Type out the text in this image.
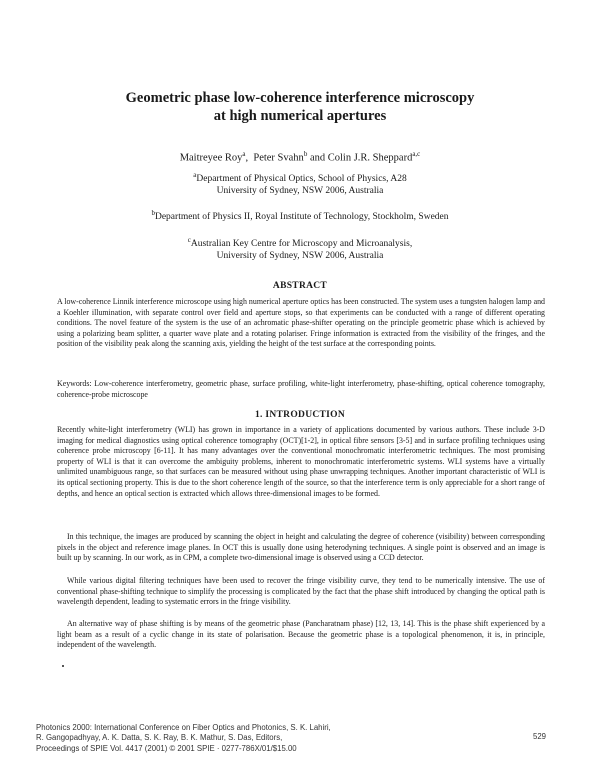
Geometric phase low-coherence interference microscopy
at high numerical apertures
Maitreyee Roy$^a$,  Peter Svahn$^b$ and Colin J.R. Sheppard$^{a,c}$
$^a$Department of Physical Optics, School of Physics, A28
University of Sydney, NSW 2006, Australia
$^b$Department of Physics II, Royal Institute of Technology, Stockholm, Sweden
$^c$Australian Key Centre for Microscopy and Microanalysis,
University of Sydney, NSW 2006, Australia
ABSTRACT
A low-coherence Linnik interference microscope using high numerical aperture optics has been constructed. The system uses a tungsten halogen lamp and a Koehler illumination, with separate control over field and aperture stops, so that experiments can be conducted with a range of different operating conditions. The novel feature of the system is the use of an achromatic phase-shifter operating on the principle geometric phase which is achieved by using a polarizing beam splitter, a quarter wave plate and a rotating polariser. Fringe information is extracted from the visibility of the fringes, and the position of the visibility peak along the scanning axis, yielding the height of the test surface at the corresponding points.
Keywords: Low-coherence interferometry, geometric phase, surface profiling, white-light interferometry, phase-shifting, optical coherence tomography, coherence-probe microscope
1. INTRODUCTION
Recently white-light interferometry (WLI) has grown in importance in a variety of applications documented by various authors. These include 3-D imaging for medical diagnostics using optical coherence tomography (OCT)[1-2], in optical fibre sensors [3-5] and in surface profiling techniques using coherence probe microscopy [6-11]. It has many advantages over the conventional monochromatic interferometric techniques. The most promising property of WLI is that it can overcome the ambiguity problems, inherent to monochromatic interferometric systems. WLI systems have a virtually unlimited unambiguous range, so that surfaces can be measured without using phase unwrapping techniques. Another important characteristic of WLI is its optical sectioning property. This is due to the short coherence length of the source, so that the interference term is only appreciable for a short range of depths, and hence an optical section is extracted which allows three-dimensional images to be formed.
In this technique, the images are produced by scanning the object in height and calculating the degree of coherence (visibility) between corresponding pixels in the object and reference image planes. In OCT this is usually done using heterodyning techniques. A single point is observed and an image is built up by scanning. In our work, as in CPM, a complete two-dimensional image is observed using a CCD detector.
While various digital filtering techniques have been used to recover the fringe visibility curve, they tend to be numerically intensive. The use of conventional phase-shifting technique to simplify the processing is complicated by the fact that the phase shift introduced by changing the optical path is wavelength dependent, leading to systematic errors in the fringe visibility.
An alternative way of phase shifting is by means of the geometric phase (Pancharatnam phase) [12, 13, 14]. This is the phase shift experienced by a light beam as a result of a cyclic change in its state of polarisation. Because the geometric phase is a topological phenomenon, it is, in principle, independent of the wavelength.
Photonics 2000: International Conference on Fiber Optics and Photonics, S. K. Lahiri,
R. Gangopadhyay, A. K. Datta, S. K. Ray, B. K. Mathur, S. Das, Editors,
Proceedings of SPIE Vol. 4417 (2001) © 2001 SPIE · 0277-786X/01/$15.00
529
